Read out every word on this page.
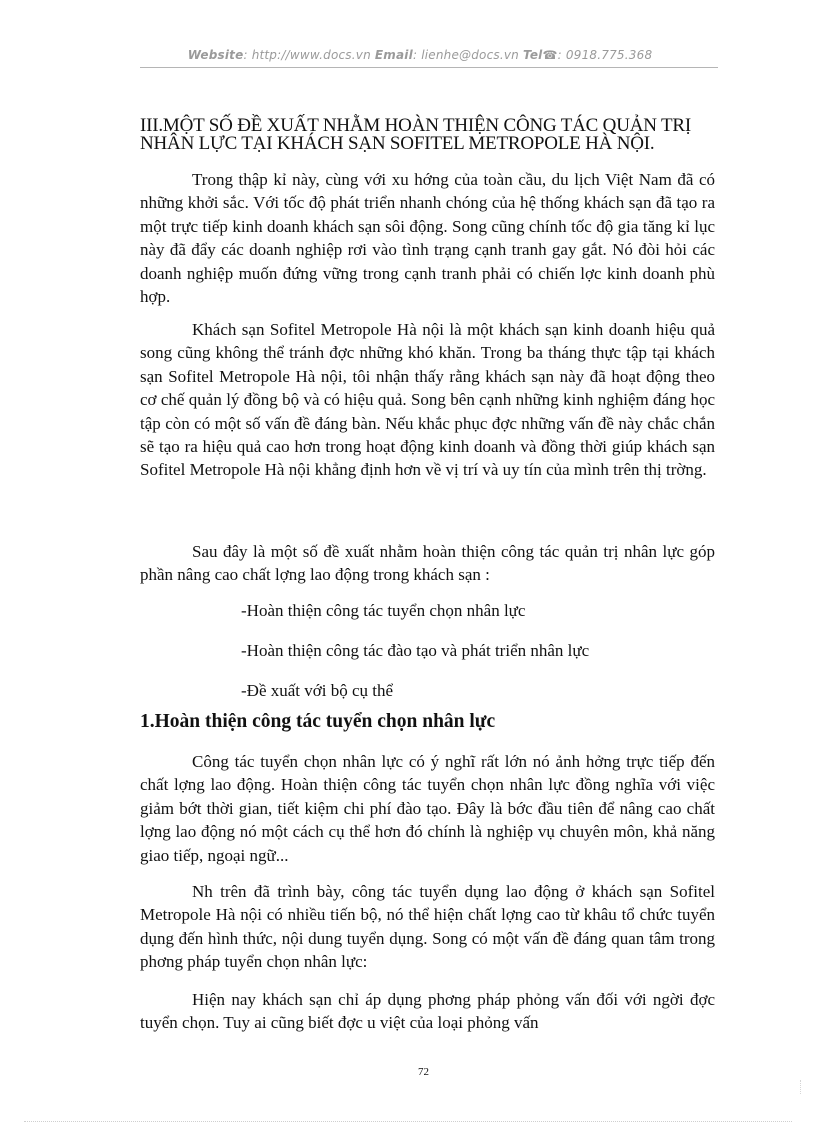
Website: http://www.docs.vn Email: lienhe@docs.vn Tel☎: 0918.775.368
III.MỘT SỐ ĐỀ XUẤT NHẰM HOÀN THIỆN CÔNG TÁC QUẢN TRỊ NHÂN LỰC TẠI KHÁCH SẠN SOFITEL METROPOLE HÀ NỘI.

Trong thập kỉ này, cùng với xu hớng của toàn cầu, du lịch Việt Nam đã có những khởi sắc. Với tốc độ phát triển nhanh chóng của hệ thống khách sạn đã tạo ra một trực tiếp kinh doanh khách sạn sôi động. Song cũng chính tốc độ gia tăng kỉ lục này đã đẩy các doanh nghiệp rơi vào tình trạng cạnh tranh gay gắt. Nó đòi hỏi các doanh nghiệp muốn đứng vững trong cạnh tranh phải có chiến lợc kinh doanh phù hợp.

Khách sạn Sofitel Metropole Hà nội là một khách sạn kinh doanh hiệu quả song cũng không thể tránh đợc những khó khăn. Trong ba tháng thực tập tại khách sạn Sofitel Metropole Hà nội, tôi nhận thấy rằng khách sạn này đã hoạt động theo cơ chế quản lý đồng bộ và có hiệu quả. Song bên cạnh những kinh nghiệm đáng học tập còn có một số vấn đề đáng bàn. Nếu khắc phục đợc những vấn đề này chắc chắn sẽ tạo ra hiệu quả cao hơn trong hoạt động kinh doanh và đồng thời giúp khách sạn Sofitel Metropole Hà nội khẳng định hơn về vị trí và uy tín của mình trên thị trờng.

Sau đây là một số đề xuất nhằm hoàn thiện công tác quản trị nhân lực góp phần nâng cao chất lợng lao động trong khách sạn :

-Hoàn thiện công tác tuyển chọn nhân lực

-Hoàn thiện công tác đào tạo và phát triển nhân lực

-Đề xuất với bộ cụ thể

1.Hoàn thiện công tác tuyển chọn nhân lực

Công tác tuyển chọn nhân lực có ý nghĩ rất lớn nó ảnh hởng trực tiếp đến chất lợng lao động. Hoàn thiện công tác tuyển chọn nhân lực đồng nghĩa với việc giảm bớt thời gian, tiết kiệm chi phí đào tạo. Đây là bớc đầu tiên để nâng cao chất lợng lao động nó một cách cụ thể hơn đó chính là nghiệp vụ chuyên môn, khả năng giao tiếp, ngoại ngữ...

Nh trên đã trình bày, công tác tuyển dụng lao động ở khách sạn Sofitel Metropole Hà nội có nhiều tiến bộ, nó thể hiện chất lợng cao từ khâu tổ chức tuyển dụng đến hình thức, nội dung tuyển dụng. Song có một vấn đề đáng quan tâm trong phơng pháp tuyển chọn nhân lực:

Hiện nay khách sạn chỉ áp dụng phơng pháp phỏng vấn đối với ngời đợc tuyển chọn. Tuy ai cũng biết đợc u việt của loại phỏng vấn

72
